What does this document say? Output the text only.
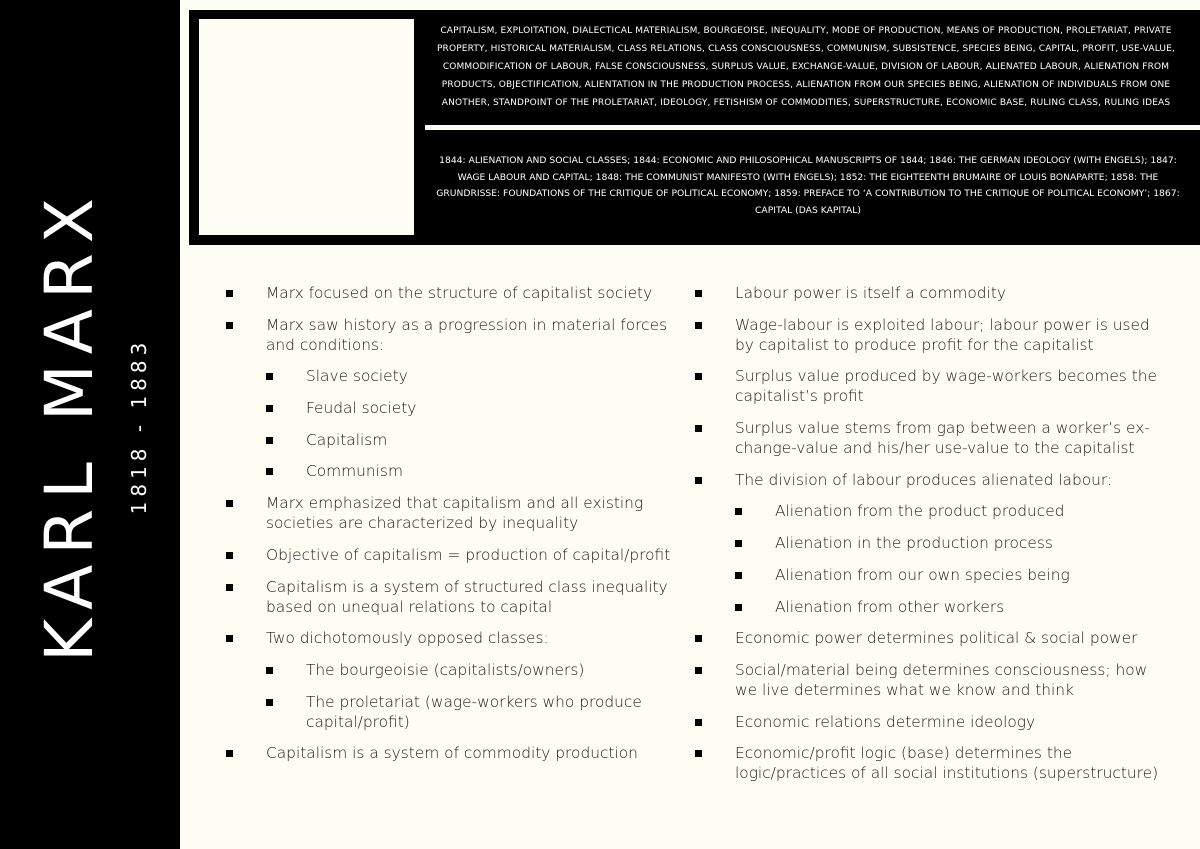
KARL MARX 1818 - 1883
CAPITALISM, EXPLOITATION, DIALECTICAL MATERIALISM, BOURGEOISE, INEQUALITY, MODE OF PRODUCTION, MEANS OF PRODUCTION, PROLETARIAT, PRIVATE PROPERTY, HISTORICAL MATERIALISM, CLASS RELATIONS, CLASS CONSCIOUSNESS, COMMUNISM, SUBSISTENCE, SPECIES BEING, CAPITAL, PROFIT, USE-VALUE, COMMODIFICATION OF LABOUR, FALSE CONSCIOUSNESS, SURPLUS VALUE, EXCHANGE-VALUE, DIVISION OF LABOUR, ALIENATED LABOUR, ALIENATION FROM PRODUCTS, OBJECTIFICATION, ALIENTATION IN THE PRODUCTION PROCESS, ALIENATION FROM OUR SPECIES BEING, ALIENATION OF INDIVIDUALS FROM ONE ANOTHER, STANDPOINT OF THE PROLETARIAT, IDEOLOGY, FETISHISM OF COMMODITIES, SUPERSTRUCTURE, ECONOMIC BASE, RULING CLASS, RULING IDEAS
1844: ALIENATION AND SOCIAL CLASSES; 1844: ECONOMIC AND PHILOSOPHICAL MANUSCRIPTS OF 1844; 1846: THE GERMAN IDEOLOGY (WITH ENGELS); 1847: WAGE LABOUR AND CAPITAL; 1848: THE COMMUNIST MANIFESTO (WITH ENGELS); 1852: THE EIGHTEENTH BRUMAIRE OF LOUIS BONAPARTE; 1858: THE GRUNDRISSE: FOUNDATIONS OF THE CRITIQUE OF POLITICAL ECONOMY; 1859: PREFACE TO ‘A CONTRIBUTION TO THE CRITIQUE OF POLITICAL ECONOMY’; 1867: CAPITAL (DAS KAPITAL)
Marx focused on the structure of capitalist society
Marx saw history as a progression in material forces and conditions:
Slave society
Feudal society
Capitalism
Communism
Marx emphasized that capitalism and all existing societies are characterized by inequality
Objective of capitalism = production of capital/profit
Capitalism is a system of structured class inequality based on unequal relations to capital
Two dichotomously opposed classes:
The bourgeoisie (capitalists/owners)
The proletariat (wage-workers who produce capital/profit)
Capitalism is a system of commodity production
Labour power is itself a commodity
Wage-labour is exploited labour; labour power is used by capitalist to produce profit for the capitalist
Surplus value produced by wage-workers becomes the capitalist’s profit
Surplus value stems from gap between a worker’s ex-change-value and his/her use-value to the capitalist
The division of labour produces alienated labour:
Alienation from the product produced
Alienation in the production process
Alienation from our own species being
Alienation from other workers
Economic power determines political & social power
Social/material being determines consciousness; how we live determines what we know and think
Economic relations determine ideology
Economic/profit logic (base) determines the logic/practices of all social institutions (superstructure)
